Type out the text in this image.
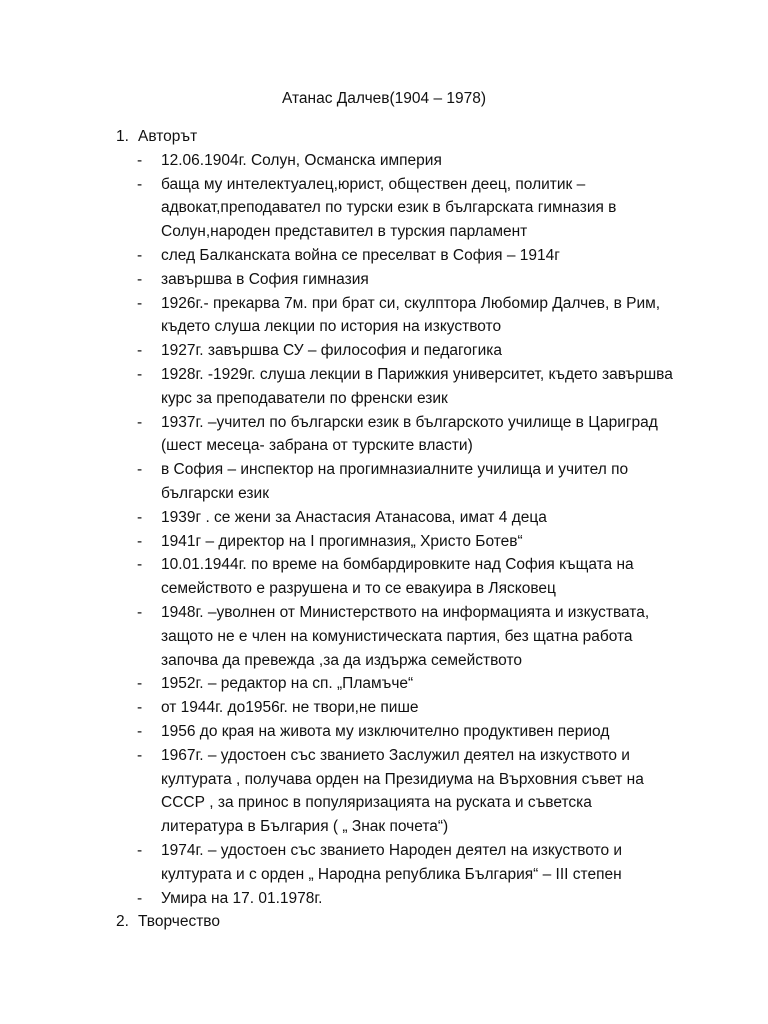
Атанас Далчев(1904 – 1978)
1. Авторът
- 12.06.1904г. Солун, Османска империя
- баща му интелектуалец,юрист, обществен деец, политик – адвокат,преподавател по турски език в българската гимназия в Солун,народен представител в турския парламент
- след Балканската война се преселват в София – 1914г
- завършва в София гимназия
- 1926г.- прекарва 7м. при брат си, скулптора Любомир Далчев, в Рим, където слуша лекции по история на изкуството
- 1927г. завършва СУ – философия и педагогика
- 1928г. -1929г. слуша лекции в Парижкия университет, където завършва курс за преподаватели по френски език
- 1937г. –учител по български език в българското училище в Цариград (шест месеца- забрана от турските власти)
- в София – инспектор на прогимназиалните училища и учител по български език
- 1939г . се жени за Анастасия Атанасова, имат 4 деца
- 1941г – директор на I прогимназия„ Христо Ботев“
- 10.01.1944г. по време на бомбардировките над София къщата на семейството е разрушена и то се евакуира в Лясковец
- 1948г. –уволнен от Министерството на информацията и изкуствата, защото не е член на комунистическата партия, без щатна работа започва да превежда ,за да издържа семейството
- 1952г. – редактор на сп. „Пламъче“
- от 1944г. до1956г. не твори,не пише
- 1956 до края на живота му изключително продуктивен период
- 1967г. – удостоен със званието Заслужил деятел на изкуството и културата , получава орден на Президиума на Върховния съвет на СССР , за принос в популяризацията на руската и съветска литература в България ( „ Знак почета“)
- 1974г. – удостоен със званието Народен деятел на изкуството и културата и с орден „ Народна република България“ – III степен
- Умира на 17. 01.1978г.
2. Творчество
